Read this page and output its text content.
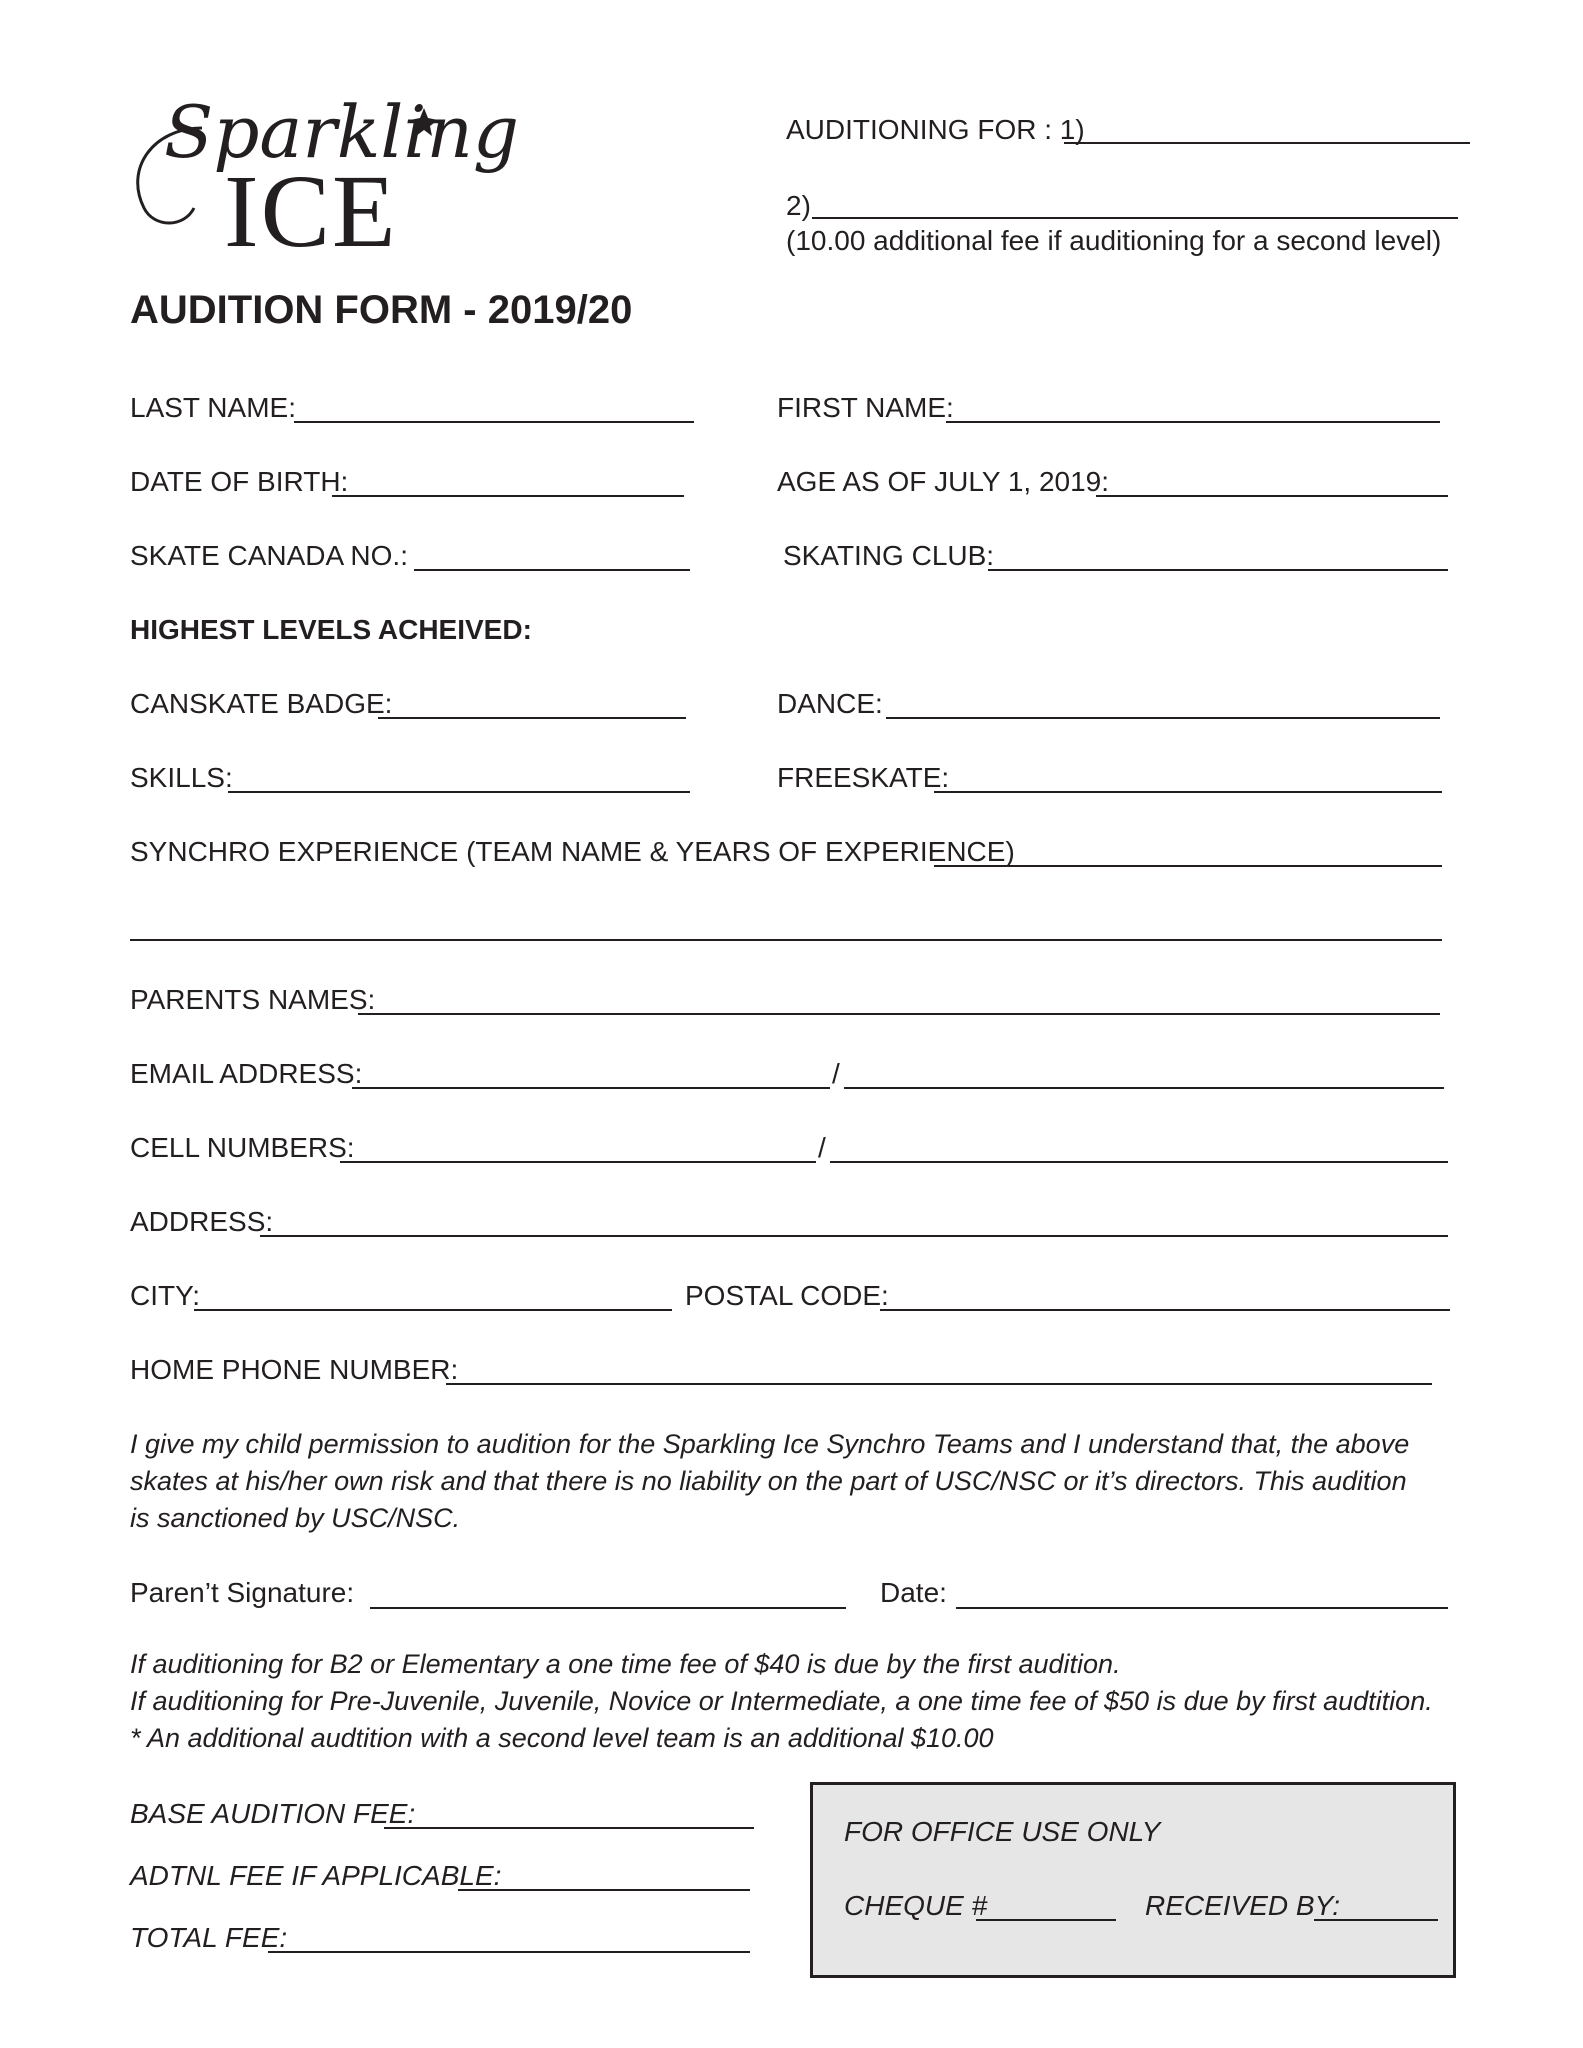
Sparkling
ICE
AUDITIONING FOR : 1)
2)
(10.00 additional fee if auditioning for a second level)
AUDITION FORM - 2019/20
LAST NAME:	FIRST NAME:
DATE OF BIRTH:	AGE AS OF JULY 1, 2019:
SKATE CANADA NO.:	SKATING CLUB:
HIGHEST LEVELS ACHEIVED:
CANSKATE BADGE:	DANCE:
SKILLS:	FREESKATE:
SYNCHRO EXPERIENCE (TEAM NAME & YEARS OF EXPERIENCE)
PARENTS NAMES:
EMAIL ADDRESS:	/
CELL NUMBERS:	/
ADDRESS:
CITY:	POSTAL CODE:
HOME PHONE NUMBER:
I give my child permission to audition for the Sparkling Ice Synchro Teams and I understand that, the above
skates at his/her own risk and that there is no liability on the part of USC/NSC or it’s directors. This audition
is sanctioned by USC/NSC.
Paren’t Signature:	Date:
If auditioning for B2 or Elementary a one time fee of $40 is due by the first audition.
If auditioning for Pre-Juvenile, Juvenile, Novice or Intermediate, a one time fee of $50 is due by first audtition.
* An additional audtition with a second level team is an additional $10.00
BASE AUDITION FEE:
ADTNL FEE IF APPLICABLE:
TOTAL FEE:
FOR OFFICE USE ONLY
CHEQUE #	RECEIVED BY:
